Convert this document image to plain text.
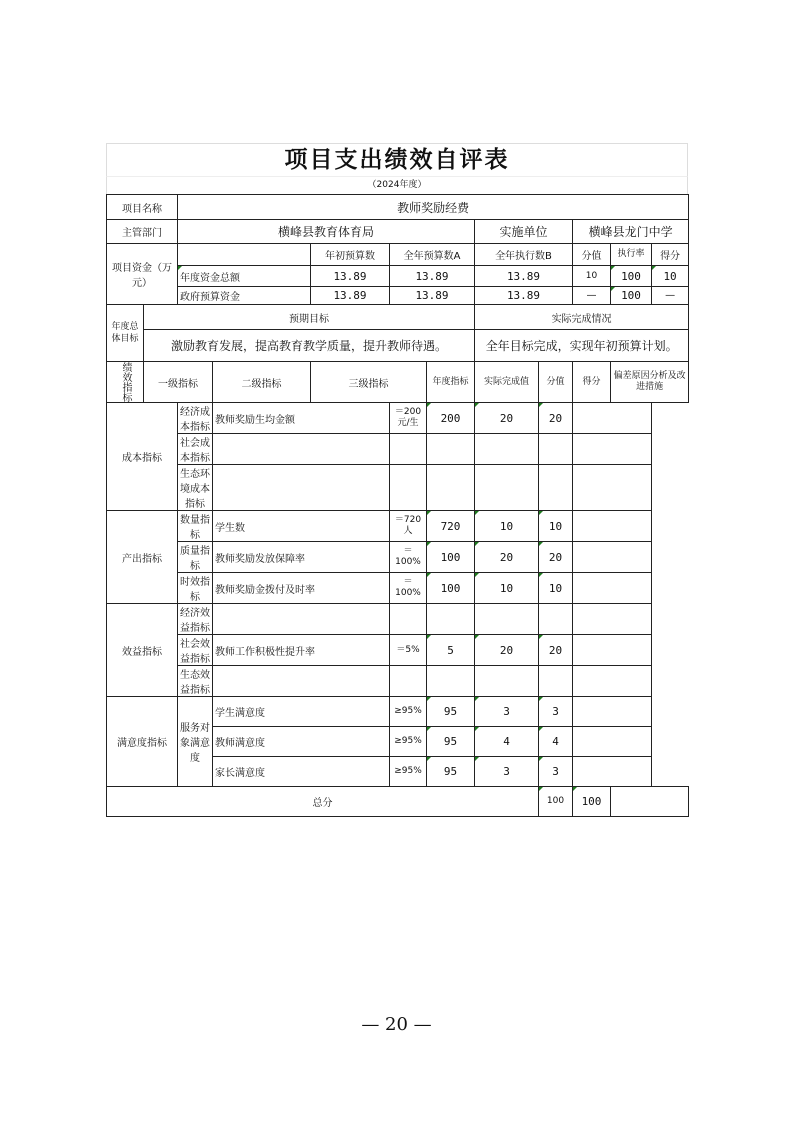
项目支出绩效自评表
（2024年度）
项目名称		教师奖励经费									
主管部门		横峰县教育体育局					实施单位		横峰县龙门中学		
项目资金（万元）				年初预算数	全年预算数A		全年执行数B		分值	执行率	得分
		年度资金总额		13.89	13.89		13.89		10	100	10
		政府预算资金		13.89	13.89		13.89		—	100	—
年度总体目标	预期目标						实际完成情况				
	激励教育发展，提高教育教学质量，提升教师待遇。						全年目标完成，实现年初预算计划。				
绩效指标	一级指标		二级指标	三级指标		年度指标	实际完成值	分值	得分	偏差原因分析及改进措施	
成本指标		经济成本指标	教师奖励生均金额		＝200元/生	200	20	20			
		社会成本指标									
		生态环境成本指标									
产出指标		数量指标	学生数		＝720人	720	10	10			
		质量指标	教师奖励发放保障率		＝100%	100	20	20			
		时效指标	教师奖励金拨付及时率		＝100%	100	10	10			
效益指标		经济效益指标									
		社会效益指标	教师工作积极性提升率		＝5%	5	20	20			
		生态效益指标									
满意度指标		服务对象满意度	学生满意度		≥95%	95	3	3			
			教师满意度		≥95%	95	4	4			
			家长满意度		≥95%	95	3	3			
总分								100	100		
— 20 —
